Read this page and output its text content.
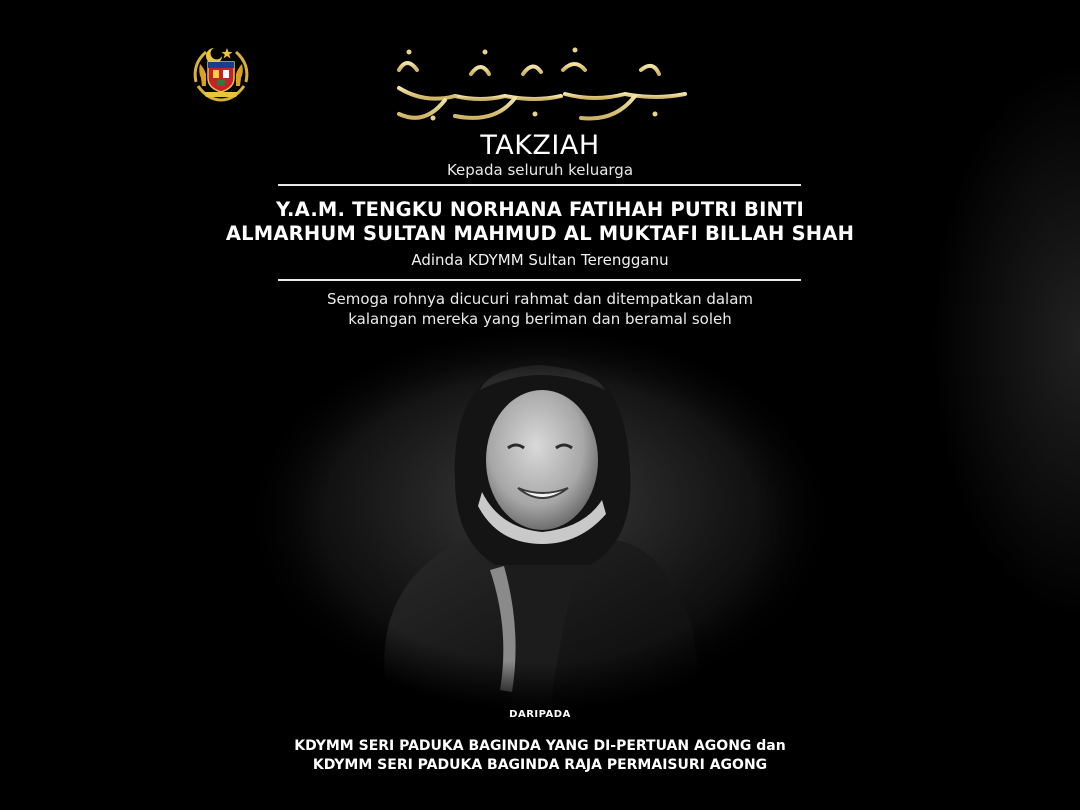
TAKZIAH
Kepada seluruh keluarga
Y.A.M. TENGKU NORHANA FATIHAH PUTRI BINTI
ALMARHUM SULTAN MAHMUD AL MUKTAFI BILLAH SHAH
Adinda KDYMM Sultan Terengganu
Semoga rohnya dicucuri rahmat dan ditempatkan dalam
kalangan mereka yang beriman dan beramal soleh
DARIPADA
KDYMM SERI PADUKA BAGINDA YANG DI-PERTUAN AGONG dan
KDYMM SERI PADUKA BAGINDA RAJA PERMAISURI AGONG
